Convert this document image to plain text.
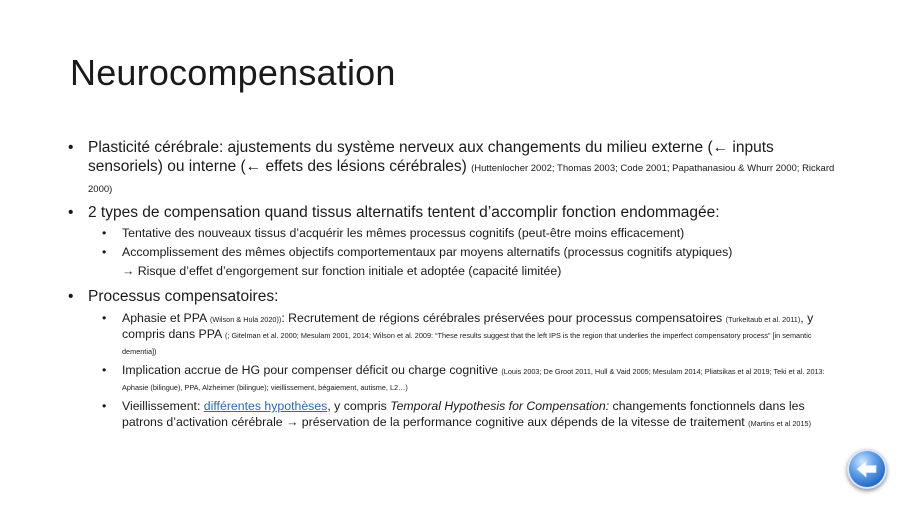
Neurocompensation
• Plasticité cérébrale: ajustements du système nerveux aux changements du milieu externe (← inputs sensoriels) ou interne (← effets des lésions cérébrales) (Huttenlocher 2002; Thomas 2003; Code 2001; Papathanasiou & Whurr 2000; Rickard 2000)
• 2 types de compensation quand tissus alternatifs tentent d’accomplir fonction endommagée:
• Tentative des nouveaux tissus d’acquérir les mêmes processus cognitifs (peut-être moins efficacement)
• Accomplissement des mêmes objectifs comportementaux par moyens alternatifs (processus cognitifs atypiques)
→ Risque d’effet d’engorgement sur fonction initiale et adoptée (capacité limitée)
• Processus compensatoires:
• Aphasie et PPA (Wilson & Hula 2020)): Recrutement de régions cérébrales préservées pour processus compensatoires (Turkeltaub et al. 2011), y compris dans PPA (; Gitelman et al. 2000; Mesulam 2001, 2014; Wilson et al. 2009: “These results suggest that the left IPS is the region that underlies the imperfect compensatory process” [in semantic dementia])
• Implication accrue de HG pour compenser déficit ou charge cognitive (Louis 2003; De Groot 2011, Hull & Vaid 2005; Mesulam 2014; Pliatsikas et al 2019; Teki et al. 2013: Aphasie (bilingue), PPA, Alzheimer (bilingue); vieillissement, bégaiement, autisme, L2…)
• Vieillissement: différentes hypothèses, y compris Temporal Hypothesis for Compensation: changements fonctionnels dans les patrons d’activation cérébrale → préservation de la performance cognitive aux dépends de la vitesse de traitement (Martins et al 2015)
